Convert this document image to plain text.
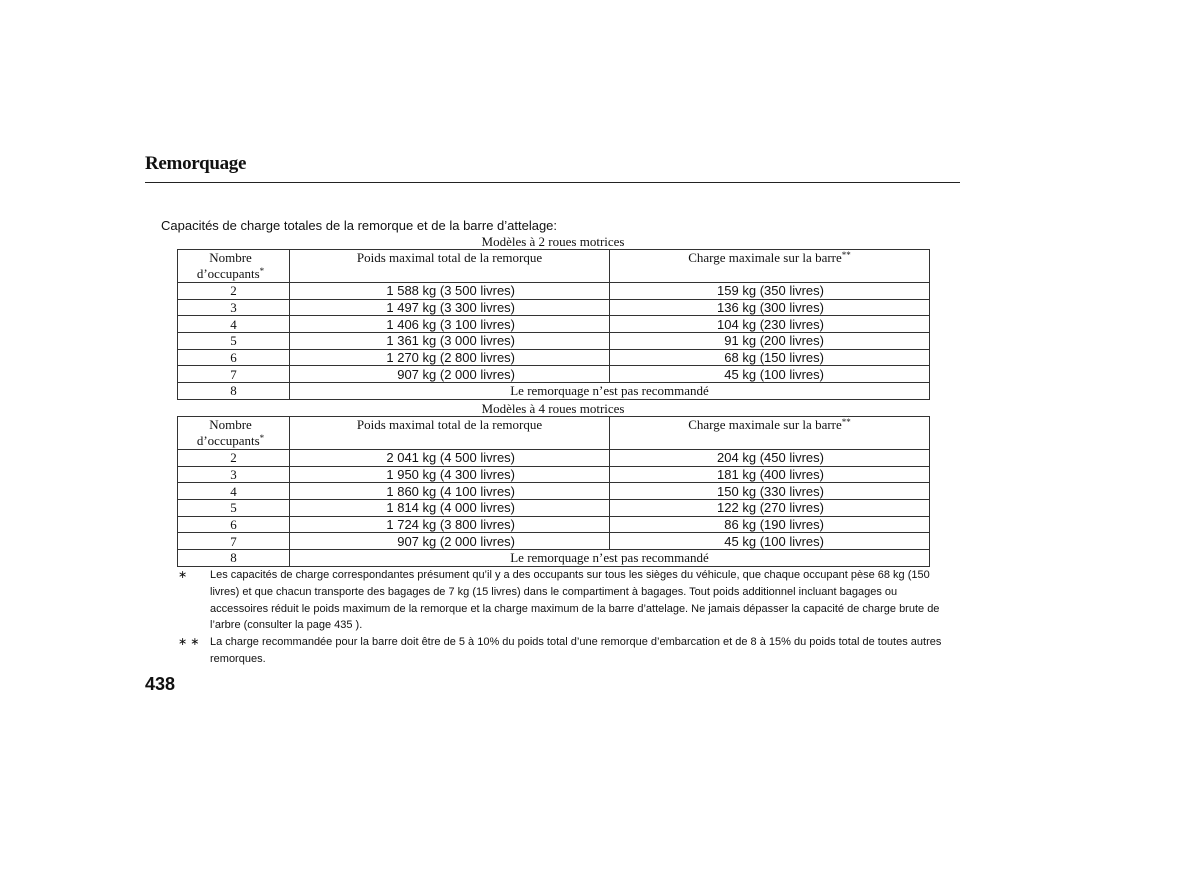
Remorquage
Capacités de charge totales de la remorque et de la barre d’attelage:
Modèles à 2 roues motrices
Nombre
d’occupants*	Poids maximal total de la remorque	Charge maximale sur la barre**
2	1 588 kg (3 500 livres)	159 kg (350 livres)
3	1 497 kg (3 300 livres)	136 kg (300 livres)
4	1 406 kg (3 100 livres)	104 kg (230 livres)
5	1 361 kg (3 000 livres)	91 kg (200 livres)
6	1 270 kg (2 800 livres)	68 kg (150 livres)
7	907 kg (2 000 livres)	45 kg (100 livres)
8	Le remorquage n’est pas recommandé	
Modèles à 4 roues motrices
Nombre
d’occupants*	Poids maximal total de la remorque	Charge maximale sur la barre**
2	2 041 kg (4 500 livres)	204 kg (450 livres)
3	1 950 kg (4 300 livres)	181 kg (400 livres)
4	1 860 kg (4 100 livres)	150 kg (330 livres)
5	1 814 kg (4 000 livres)	122 kg (270 livres)
6	1 724 kg (3 800 livres)	86 kg (190 livres)
7	907 kg (2 000 livres)	45 kg (100 livres)
8	Le remorquage n’est pas recommandé	
∗ Les capacités de charge correspondantes présument qu’il y a des occupants sur tous les sièges du véhicule, que chaque occupant pèse 68 kg (150 livres) et que chacun transporte des bagages de 7 kg (15 livres) dans le compartiment à bagages. Tout poids additionnel incluant bagages ou accessoires réduit le poids maximum de la remorque et la charge maximum de la barre d’attelage. Ne jamais dépasser la capacité de charge brute de l’arbre (consulter la page 435 ).
∗ ∗ La charge recommandée pour la barre doit être de 5 à 10% du poids total d’une remorque d’embarcation et de 8 à 15% du poids total de toutes autres remorques.
438
